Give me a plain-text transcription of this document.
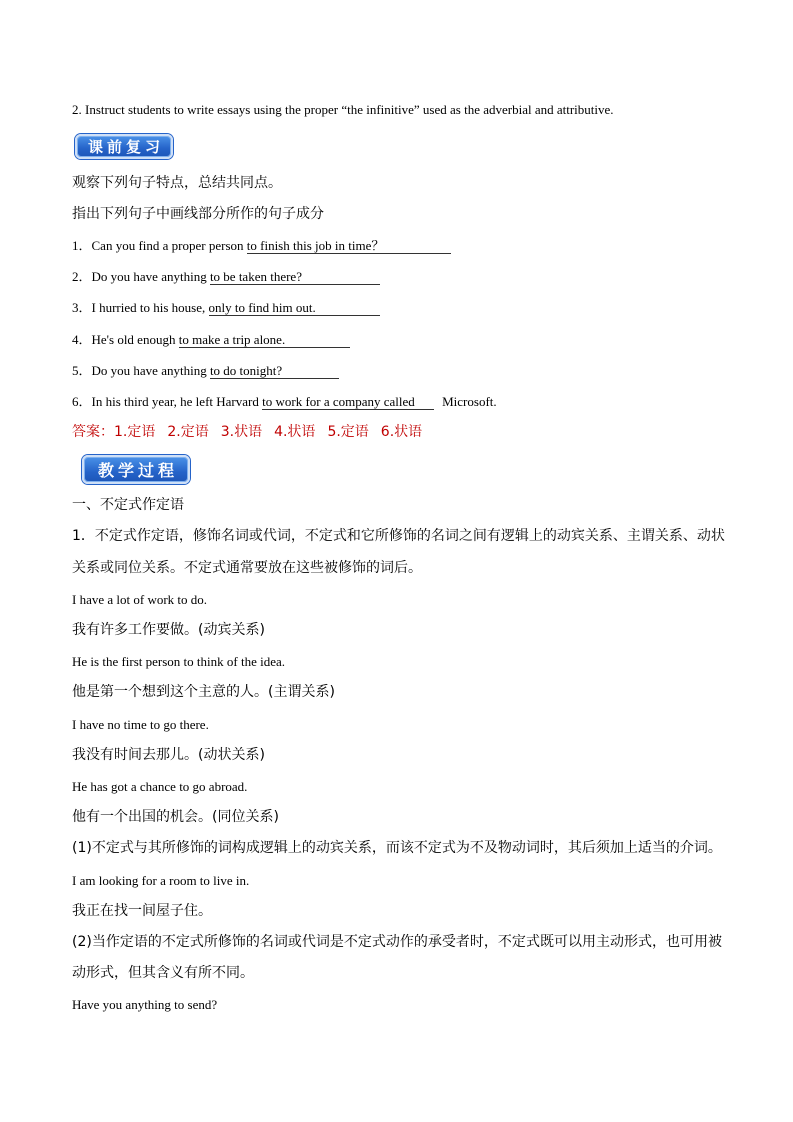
2. Instruct students to write essays using the proper “the infinitive” used as the adverbial and attributive.
课前复习
观察下列句子特点，总结共同点。
指出下列句子中画线部分所作的句子成分
1．Can you find a proper person to finish this job in time？
2．Do you have anything to be taken there?
3．I hurried to his house, only to find him out.
4．He's old enough to make a trip alone.
5．Do you have anything to do tonight?
6．In his third year, he left Harvard to work for a company called Microsoft.
答案：1.定语 2.定语 3.状语 4.状语 5.定语 6.状语
教学过程
一、不定式作定语
1．不定式作定语，修饰名词或代词，不定式和它所修饰的名词之间有逻辑上的动宾关系、主谓关系、动状
关系或同位关系。不定式通常要放在这些被修饰的词后。
I have a lot of work to do.
我有许多工作要做。(动宾关系)
He is the first person to think of the idea.
他是第一个想到这个主意的人。(主谓关系)
I have no time to go there.
我没有时间去那儿。(动状关系)
He has got a chance to go abroad.
他有一个出国的机会。(同位关系)
(1)不定式与其所修饰的词构成逻辑上的动宾关系，而该不定式为不及物动词时，其后须加上适当的介词。
I am looking for a room to live in.
我正在找一间屋子住。
(2)当作定语的不定式所修饰的名词或代词是不定式动作的承受者时，不定式既可以用主动形式，也可用被
动形式，但其含义有所不同。
Have you anything to send?
